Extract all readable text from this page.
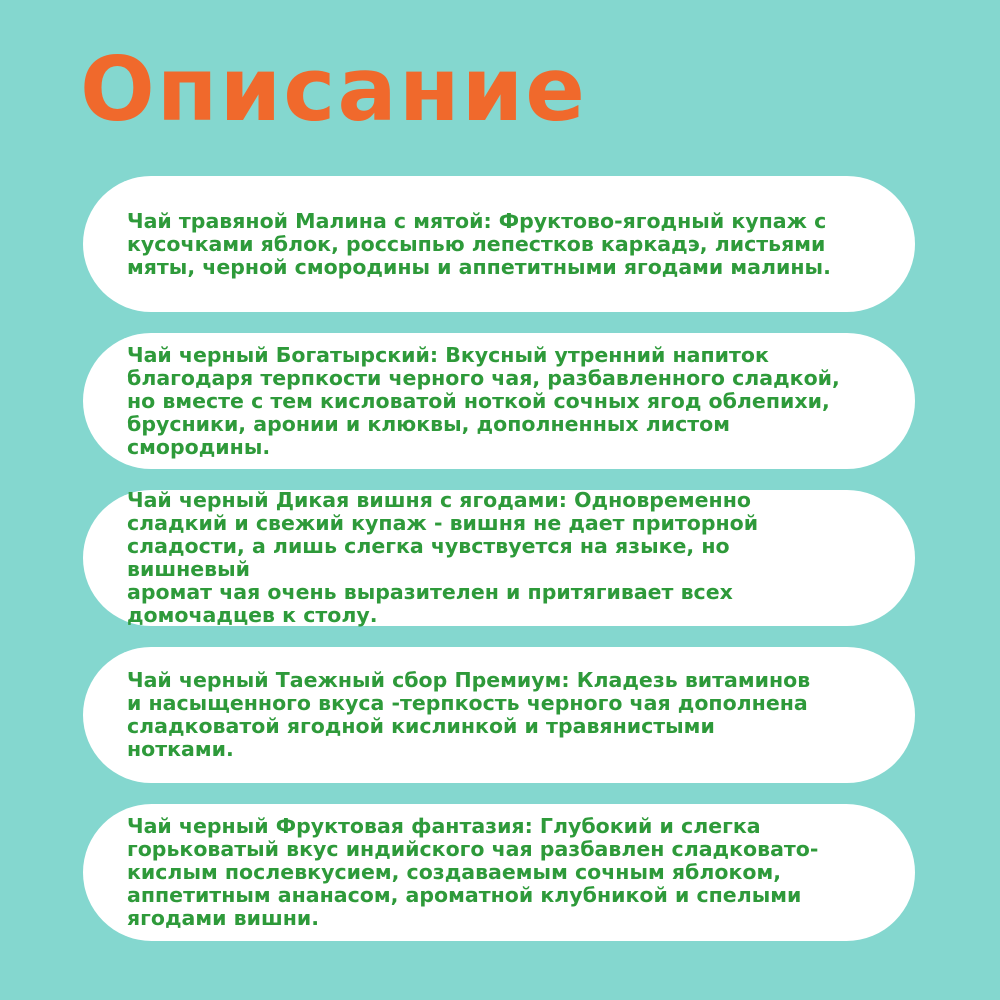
Описание

Чай травяной Малина с мятой: Фруктово-ягодный купаж с
кусочками яблок, россыпью лепестков каркадэ, листьями
мяты, черной смородины и аппетитными ягодами малины.

Чай черный Богатырский: Вкусный утренний напиток
благодаря терпкости черного чая, разбавленного сладкой,
но вместе с тем кисловатой ноткой сочных ягод облепихи,
брусники, аронии и клюквы, дополненных листом
смородины.

Чай черный Дикая вишня с ягодами: Одновременно
сладкий и свежий купаж - вишня не дает приторной
сладости, а лишь слегка чувствуется на языке, но вишневый
аромат чая очень выразителен и притягивает всех
домочадцев к столу.

Чай черный Таежный сбор Премиум: Кладезь витаминов
и насыщенного вкуса -терпкость черного чая дополнена
сладковатой ягодной кислинкой и травянистыми
нотками.

Чай черный Фруктовая фантазия: Глубокий и слегка
горьковатый вкус индийского чая разбавлен сладковато-
кислым послевкусием, создаваемым сочным яблоком,
аппетитным ананасом, ароматной клубникой и спелыми
ягодами вишни.
